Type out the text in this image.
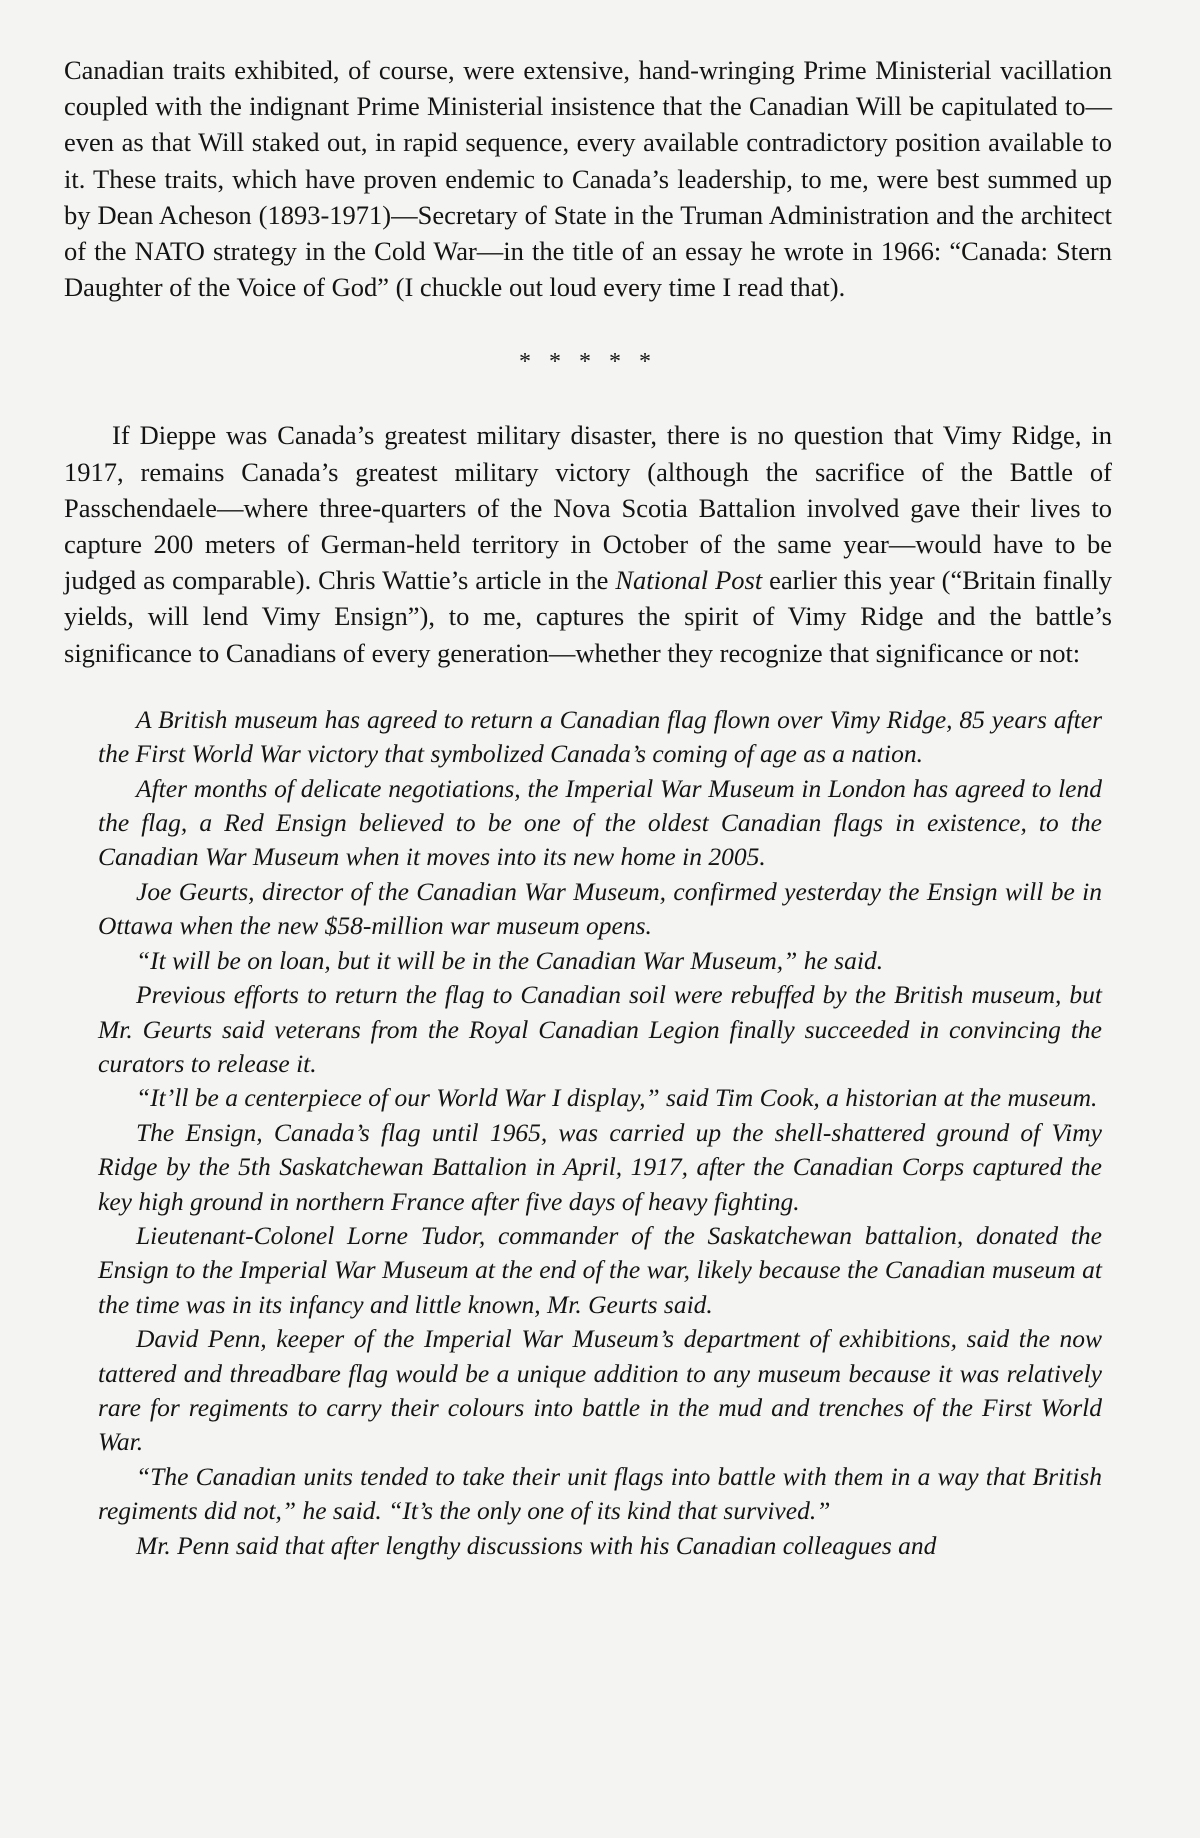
Canadian traits exhibited, of course, were extensive, hand-wringing Prime Ministerial vacillation coupled with the indignant Prime Ministerial insistence that the Canadian Will be capitulated to—even as that Will staked out, in rapid sequence, every available contradictory position available to it. These traits, which have proven endemic to Canada’s leadership, to me, were best summed up by Dean Acheson (1893-1971)—Secretary of State in the Truman Administration and the architect of the NATO strategy in the Cold War—in the title of an essay he wrote in 1966: “Canada: Stern Daughter of the Voice of God” (I chuckle out loud every time I read that).

* * * * *

If Dieppe was Canada’s greatest military disaster, there is no question that Vimy Ridge, in 1917, remains Canada’s greatest military victory (although the sacrifice of the Battle of Passchendaele—where three-quarters of the Nova Scotia Battalion involved gave their lives to capture 200 meters of German-held territory in October of the same year—would have to be judged as comparable). Chris Wattie’s article in the National Post earlier this year (“Britain finally yields, will lend Vimy Ensign”), to me, captures the spirit of Vimy Ridge and the battle’s significance to Canadians of every generation—whether they recognize that significance or not:

A British museum has agreed to return a Canadian flag flown over Vimy Ridge, 85 years after the First World War victory that symbolized Canada’s coming of age as a nation.

After months of delicate negotiations, the Imperial War Museum in London has agreed to lend the flag, a Red Ensign believed to be one of the oldest Canadian flags in existence, to the Canadian War Museum when it moves into its new home in 2005.

Joe Geurts, director of the Canadian War Museum, confirmed yesterday the Ensign will be in Ottawa when the new $58-million war museum opens.

“It will be on loan, but it will be in the Canadian War Museum,” he said.

Previous efforts to return the flag to Canadian soil were rebuffed by the British museum, but Mr. Geurts said veterans from the Royal Canadian Legion finally succeeded in convincing the curators to release it.

“It’ll be a centerpiece of our World War I display,” said Tim Cook, a historian at the museum.

The Ensign, Canada’s flag until 1965, was carried up the shell-shattered ground of Vimy Ridge by the 5th Saskatchewan Battalion in April, 1917, after the Canadian Corps captured the key high ground in northern France after five days of heavy fighting.

Lieutenant-Colonel Lorne Tudor, commander of the Saskatchewan battalion, donated the Ensign to the Imperial War Museum at the end of the war, likely because the Canadian museum at the time was in its infancy and little known, Mr. Geurts said.

David Penn, keeper of the Imperial War Museum’s department of exhibitions, said the now tattered and threadbare flag would be a unique addition to any museum because it was relatively rare for regiments to carry their colours into battle in the mud and trenches of the First World War.

“The Canadian units tended to take their unit flags into battle with them in a way that British regiments did not,” he said. “It’s the only one of its kind that survived.”

Mr. Penn said that after lengthy discussions with his Canadian colleagues and
